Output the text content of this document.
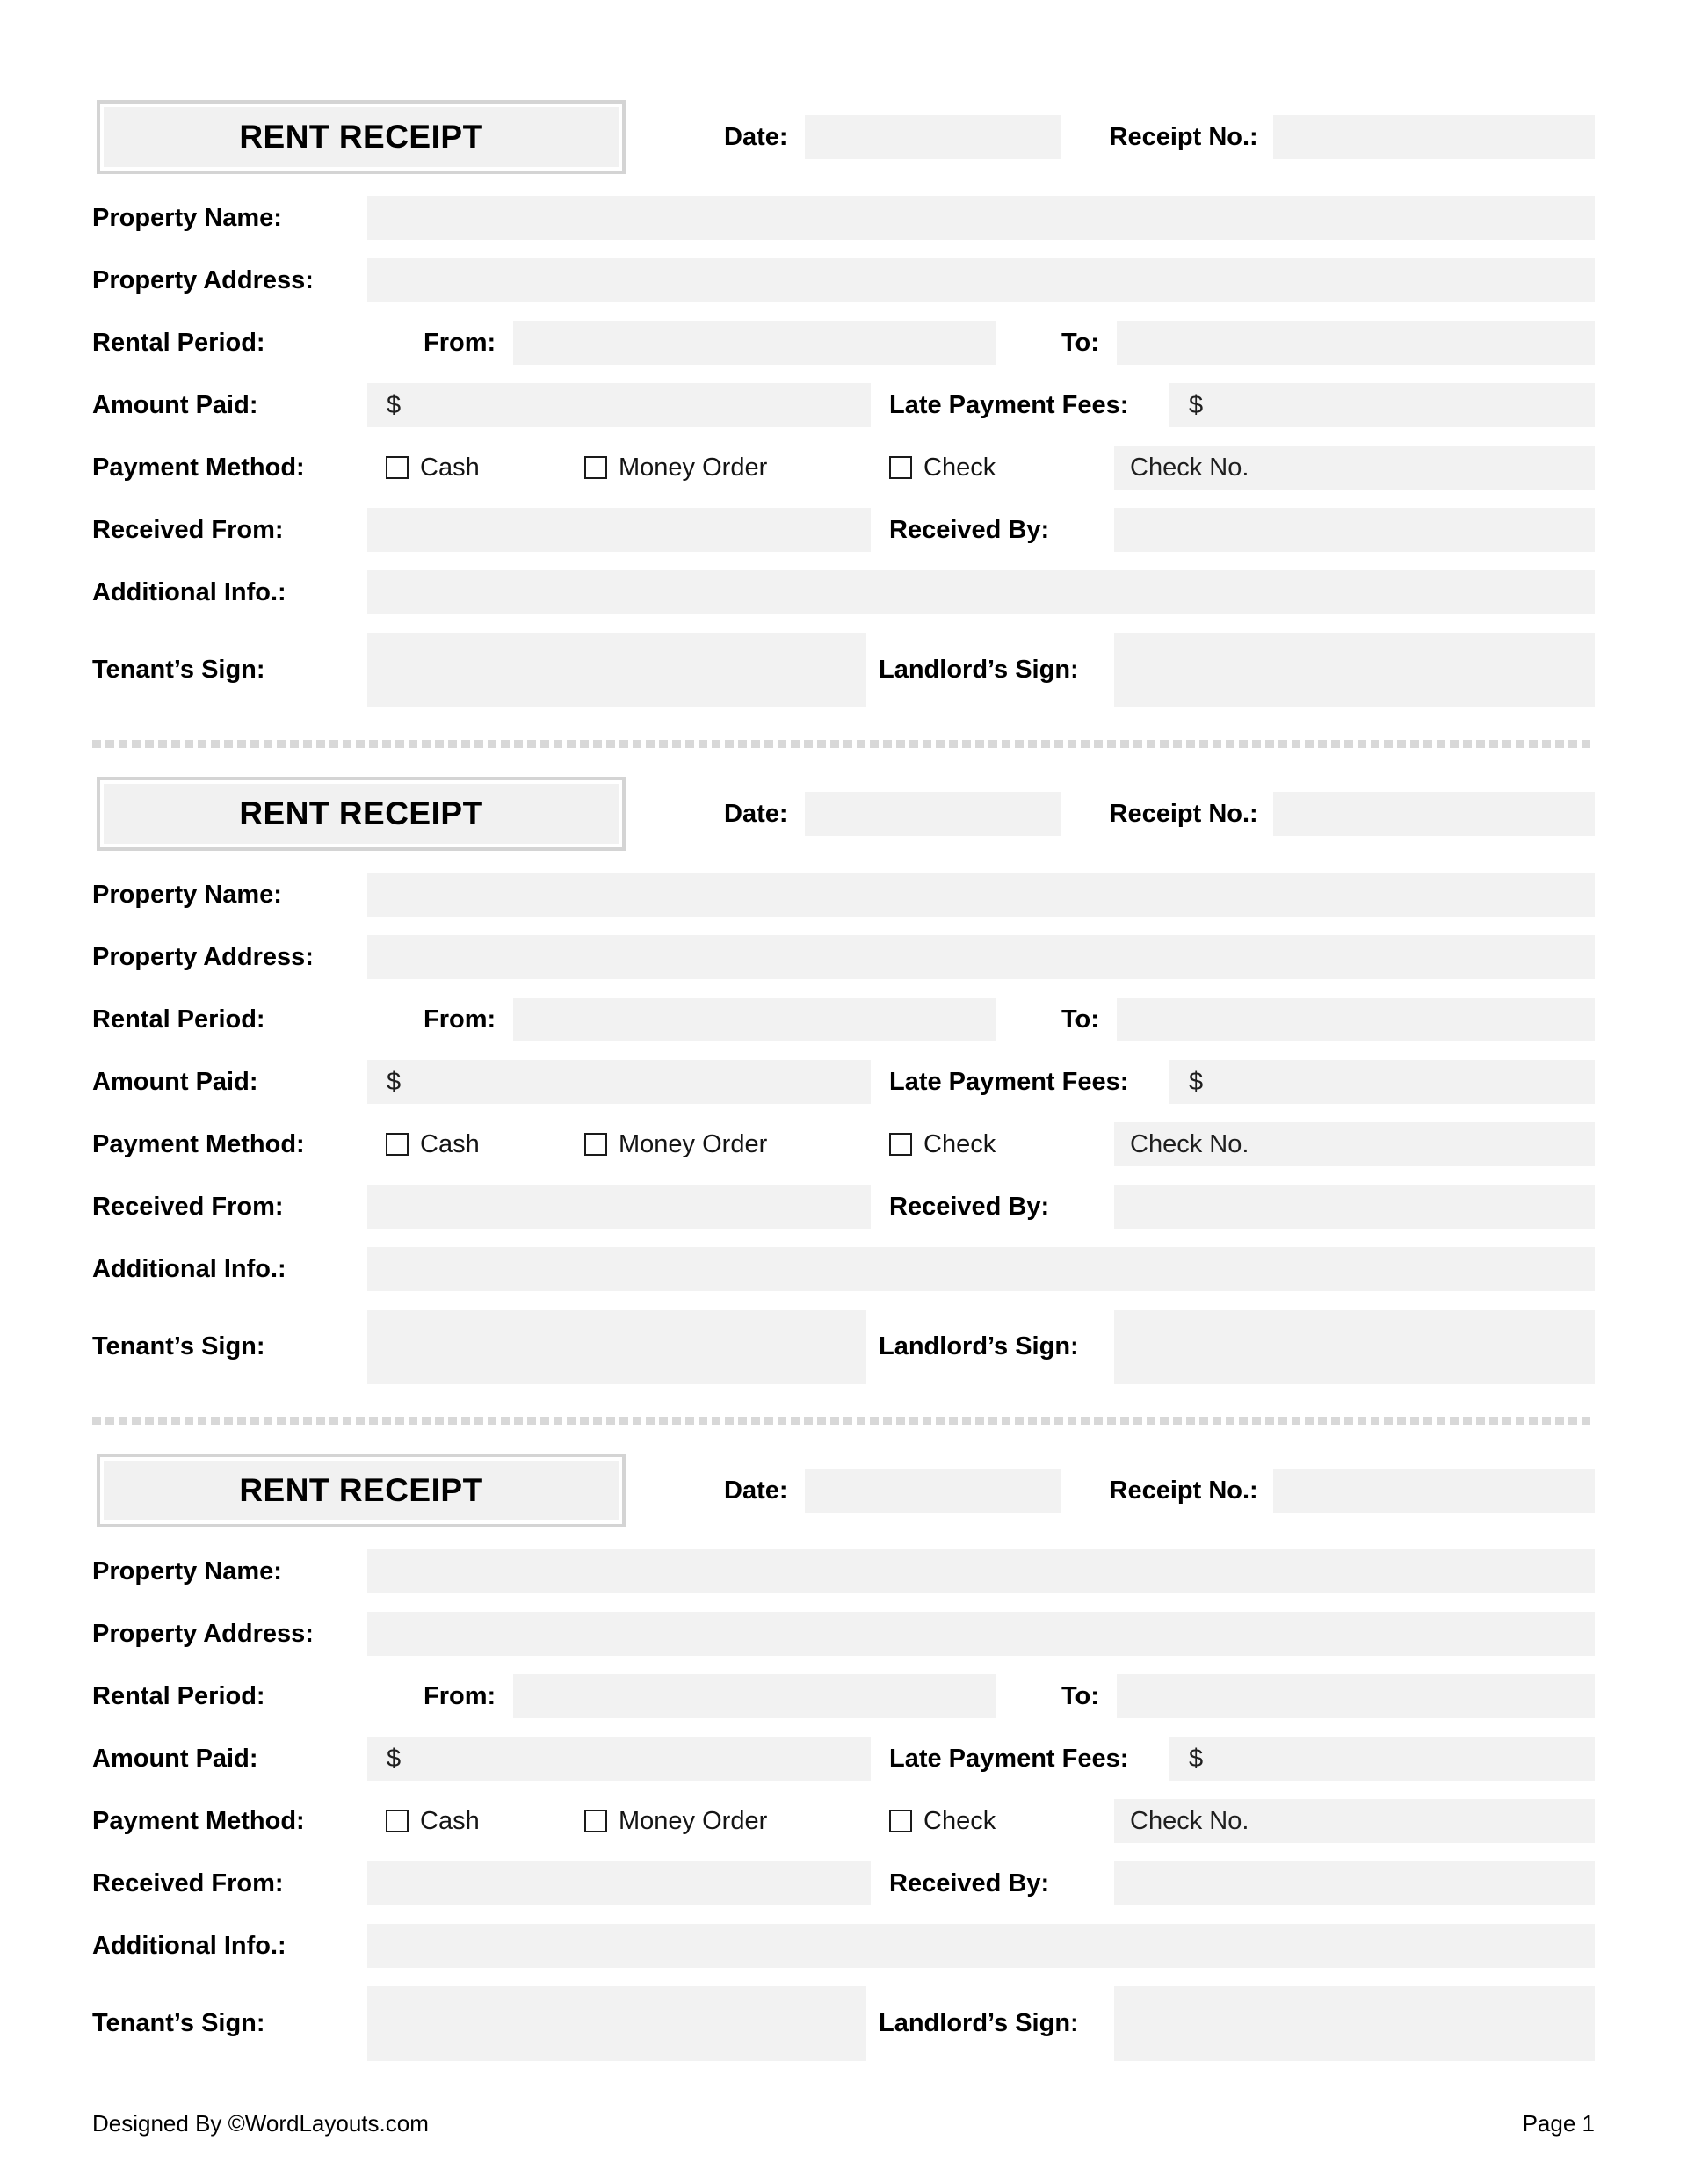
RENT RECEIPT	Date:	Receipt No.:
Property Name:
Property Address:
Rental Period:	From:	To:
Amount Paid:	$	Late Payment Fees:	$
Payment Method:	Cash	Money Order	Check	Check No.
Received From:	Received By:
Additional Info.:
Tenant’s Sign:	Landlord’s Sign:
RENT RECEIPT	Date:	Receipt No.:
Property Name:
Property Address:
Rental Period:	From:	To:
Amount Paid:	$	Late Payment Fees:	$
Payment Method:	Cash	Money Order	Check	Check No.
Received From:	Received By:
Additional Info.:
Tenant’s Sign:	Landlord’s Sign:
RENT RECEIPT	Date:	Receipt No.:
Property Name:
Property Address:
Rental Period:	From:	To:
Amount Paid:	$	Late Payment Fees:	$
Payment Method:	Cash	Money Order	Check	Check No.
Received From:	Received By:
Additional Info.:
Tenant’s Sign:	Landlord’s Sign:
Designed By ©WordLayouts.com	Page 1
